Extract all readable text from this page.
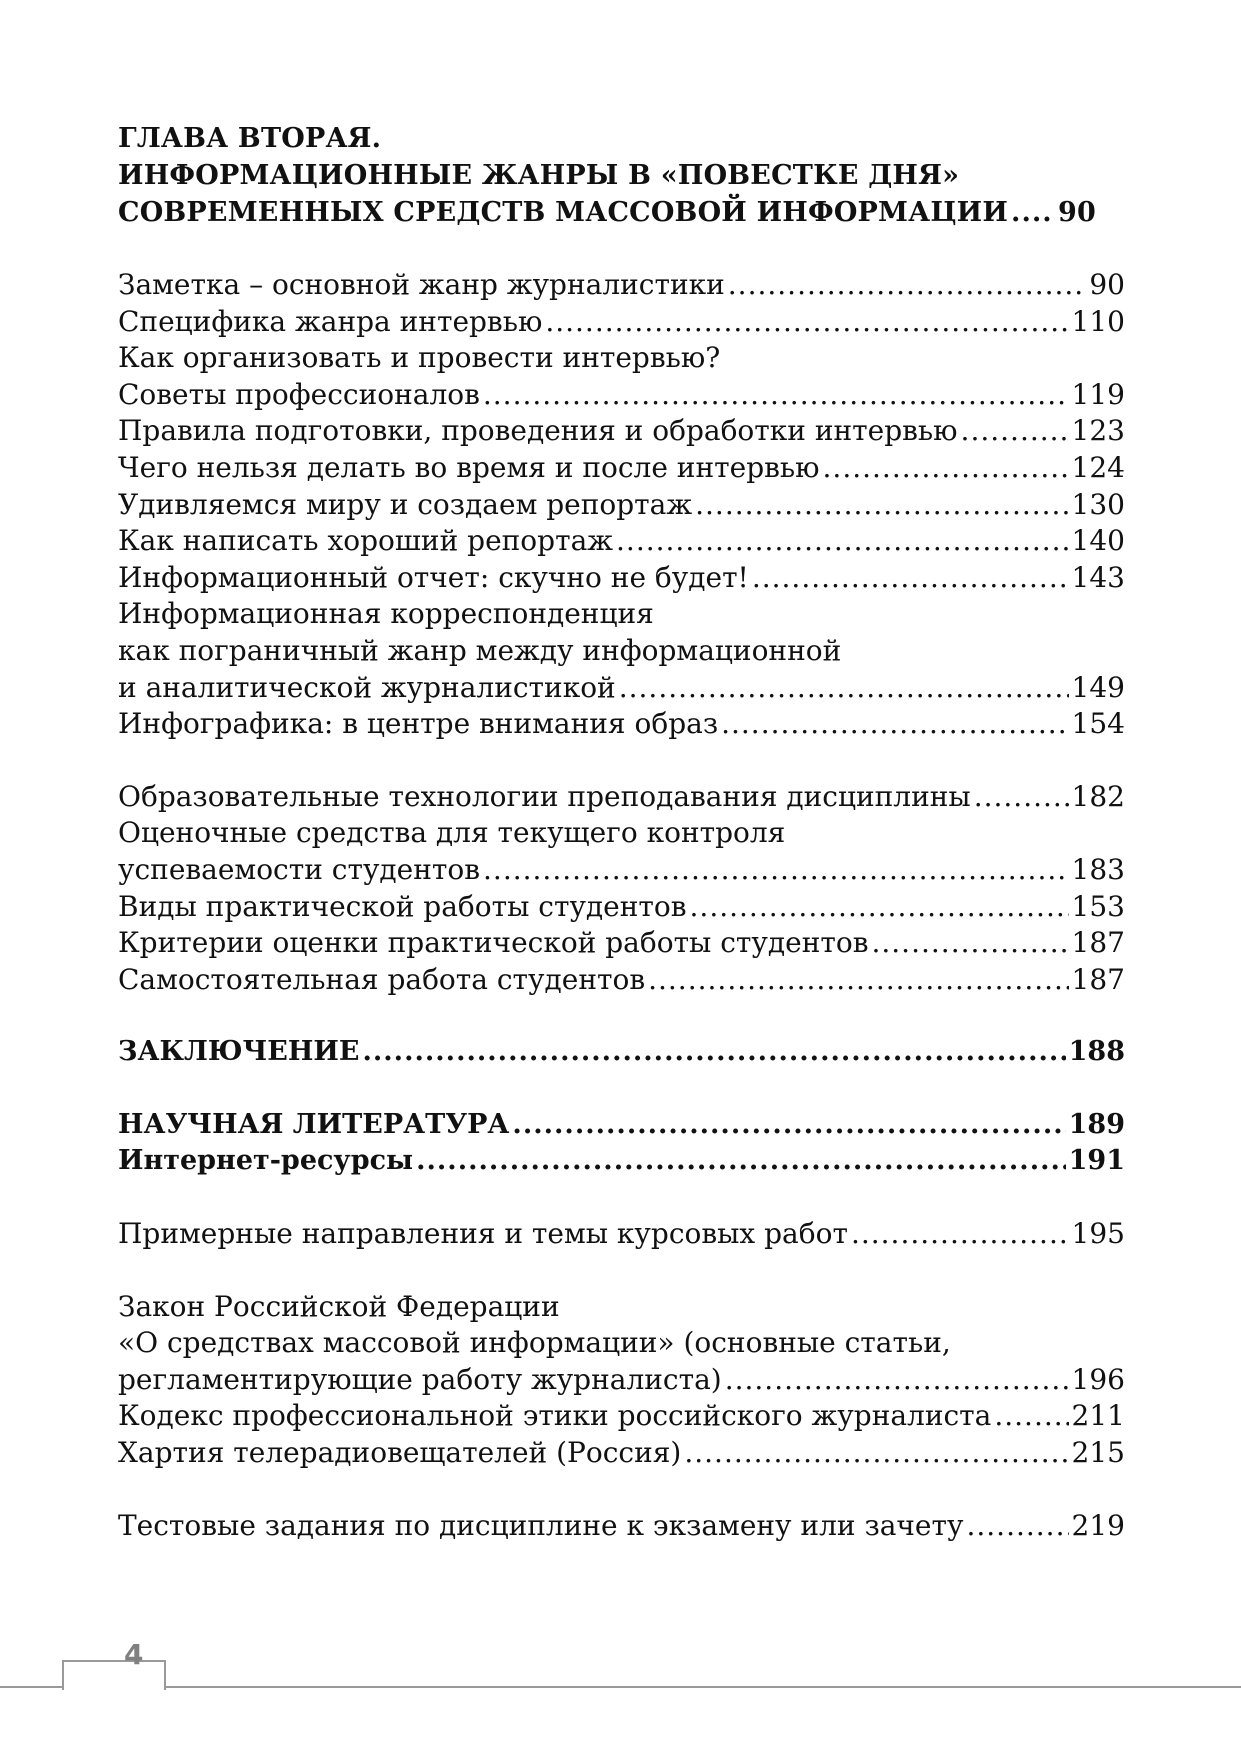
ГЛАВА ВТОРАЯ.
ИНФОРМАЦИОННЫЕ ЖАНРЫ В «ПОВЕСТКЕ ДНЯ»
СОВРЕМЕННЫХ СРЕДСТВ МАССОВОЙ ИНФОРМАЦИИ ..... 90
Заметка – основной жанр журналистики .....	90
Специфика жанра интервью .....	110
Как организовать и провести интервью?
Советы профессионалов .....	119
Правила подготовки, проведения и обработки интервью .....	123
Чего нельзя делать во время и после интервью .....	124
Удивляемся миру и создаем репортаж .....	130
Как написать хороший репортаж .....	140
Информационный отчет: скучно не будет! .....	143
Информационная корреспонденция
как пограничный жанр между информационной
и аналитической журналистикой .....	149
Инфографика: в центре внимания образ .....	154
Образовательные технологии преподавания дисциплины .....	182
Оценочные средства для текущего контроля
успеваемости студентов .....	183
Виды практической работы студентов .....	153
Критерии оценки практической работы студентов .....	187
Самостоятельная работа студентов .....	187
ЗАКЛЮЧЕНИЕ .....	188
НАУЧНАЯ ЛИТЕРАТУРА .....	189
Интернет-ресурсы .....	191
Примерные направления и темы курсовых работ .....	195
Закон Российской Федерации
«О средствах массовой информации» (основные статьи,
регламентирующие работу журналиста) .....	196
Кодекс профессиональной этики российского журналиста .....	211
Хартия телерадиовещателей (Россия) .....	215
Тестовые задания по дисциплине к экзамену или зачету .....	219
4
